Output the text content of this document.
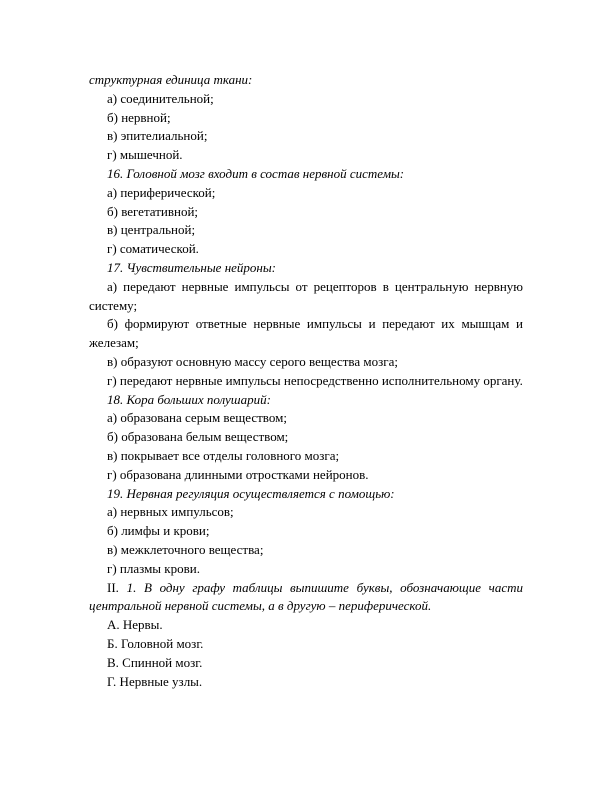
структурная единица ткани:

а) соединительной;

б) нервной;

в) эпителиальной;

г) мышечной.

16. Головной мозг входит в состав нервной системы:

а) периферической;

б) вегетативной;

в) центральной;

г) соматической.

17. Чувствительные нейроны:

а) передают нервные импульсы от рецепторов в центральную нервную систему;

б) формируют ответные нервные импульсы и передают их мышцам и железам;

в) образуют основную массу серого вещества мозга;

г) передают нервные импульсы непосредственно исполнительному органу.

18. Кора больших полушарий:

а) образована серым веществом;

б) образована белым веществом;

в) покрывает все отделы головного мозга;

г) образована длинными отростками нейронов.

19. Нервная регуляция осуществляется с помощью:

а) нервных импульсов;

б) лимфы и крови;

в) межклеточного вещества;

г) плазмы крови.

II. 1. В одну графу таблицы выпишите буквы, обозначающие части центральной нервной системы, а в другую – периферической.

А. Нервы.

Б. Головной мозг.

В. Спинной мозг.

Г. Нервные узлы.
